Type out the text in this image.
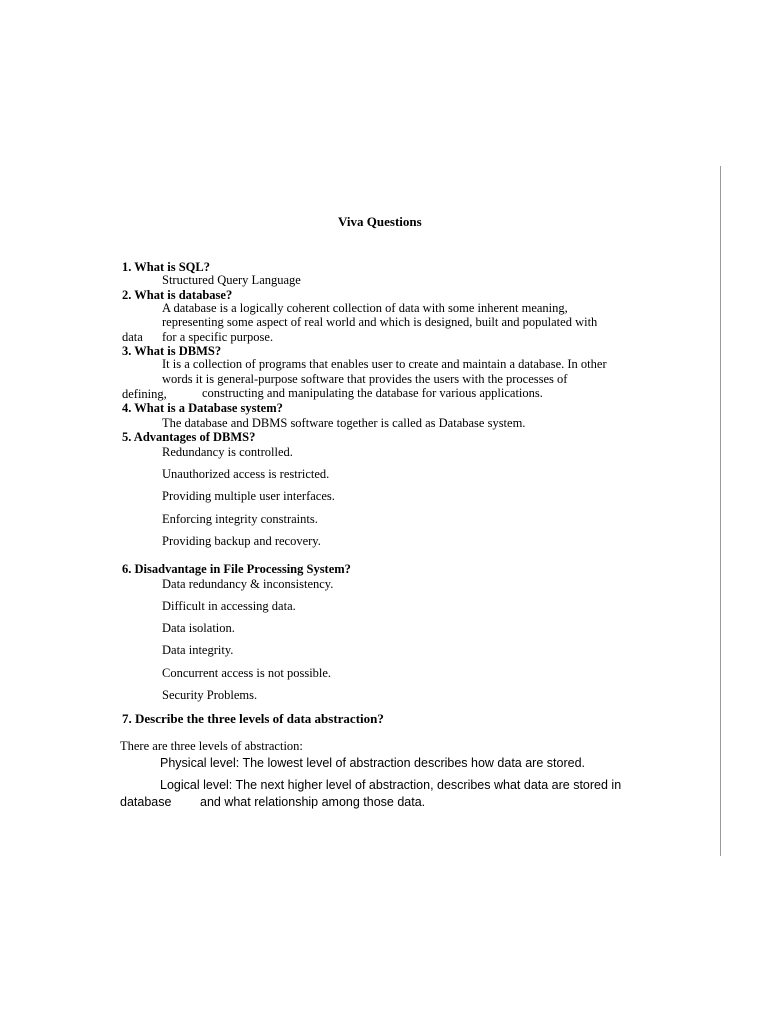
Viva Questions
1. What is SQL?
Structured Query Language
2. What is database?
A database is a logically coherent collection of data with some inherent meaning,
representing some aspect of real world and which is designed, built and populated with
data for a specific purpose.
3. What is DBMS?
It is a collection of programs that enables user to create and maintain a database. In other
words it is general-purpose software that provides the users with the processes of
defining,	constructing and manipulating the database for various applications.
4. What is a Database system?
The database and DBMS software together is called as Database system.
5. Advantages of DBMS?
Redundancy is controlled.
Unauthorized access is restricted.
Providing multiple user interfaces.
Enforcing integrity constraints.
Providing backup and recovery.
6. Disadvantage in File Processing System?
Data redundancy & inconsistency.
Difficult in accessing data.
Data isolation.
Data integrity.
Concurrent access is not possible.
Security Problems.
7. Describe the three levels of data abstraction?
There are three levels of abstraction:
Physical level: The lowest level of abstraction describes how data are stored.
Logical level: The next higher level of abstraction, describes what data are stored in
database and what relationship among those data.
